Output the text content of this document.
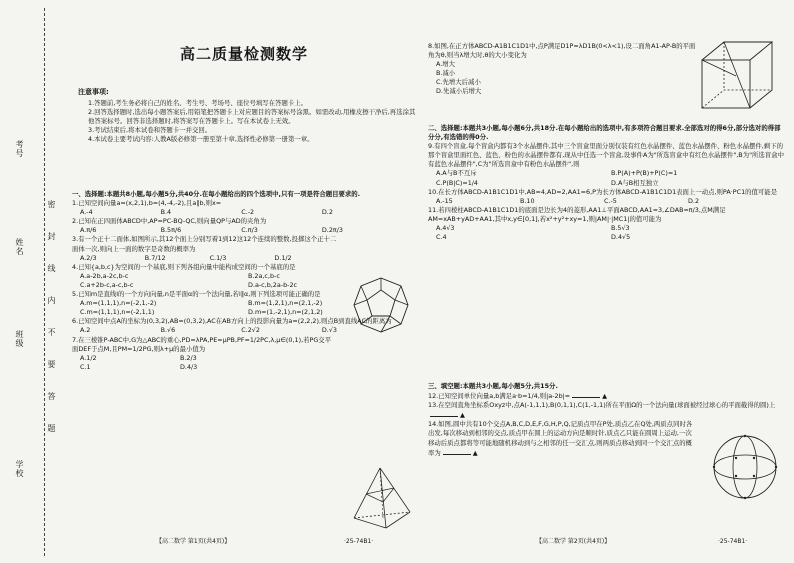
学校
班级
姓名
考号
密
封
线
内
不
要
答
题
高二质量检测数学
注意事项:

1.答题前,考生务必将自己的姓名、考生号、考场号、座位号填写在答题卡上。

2.回答选择题时,选出每小题答案后,用铅笔把答题卡上对应题目的答案标号涂黑。如需改动,用橡皮擦干净后,再选涂其他答案标号。回答非选择题时,将答案写在答题卡上。写在本试卷上无效。

3.考试结束后,将本试卷和答题卡一并交回。

4.本试卷主要考试内容:人教A版必修第一册至第十章,选择性必修第一册第一章。

一、选择题:本题共8小题,每小题5分,共40分.在每小题给出的四个选项中,只有一项是符合题目要求的.
1.已知空间向量a=(x,2,1),b=(4,-4,-2),且a∥b,则x=
A.-4	B.4	C.-2	D.2
2.已知在正四面体ABCD中,AP=PC-BQ-QC,则向量QP与AD的夹角为
A.π/6	B.5π/6	C.π/3	D.2π/3
3.有一个正十二面体,如图所示,其12个面上分别写着1到12这12个连续的整数,投掷这个正十二面体一次,则向上一面的数字是奇数的概率为
A.2/3	B.7/12	C.1/3	D.1/2
4.已知{a,b,c}为空间的一个基底,则下列各组向量中能构成空间的一个基底的是
A.a-2b,a-2c,b-c	B.2a,c,b-c
C.a+2b-c,a-c,b-c	D.a-c,b,2a-b-2c
5.已知m是直线l的一个方向向量,n是平面α的一个法向量,若l∥α,则下列选项可能正确的是
A.m=(1,1,1),n=(-2,1,-2)	B.m=(1,2,1),n=(2,1,-2)
C.m=(1,1,1),n=(-2,1,1)	D.m=(1,-2,1),n=(2,1,2)
6.已知空间中点A的坐标为(0,3,2),AB=(0,3,2),AC在AB方向上的投影向量为a=(2,2,2),则点B到直线AC的距离为
A.2	B.√6	C.2√2	D.√3
7.在三棱锥P-ABC中,G为△ABC的重心,PD=λPA,PE=μPB,PF=1/2PC,λ,μ∈(0,1),若PG交平面DEF于点M,且PM=1/2PG,则λ+μ的最小值为
A.1/2	B.2/3
C.1	D.4/3
【高二数学 第1页(共4页)】	·25-74B1·
8.如图,在正方体ABCD-A1B1C1D1中,点P满足D1P=λD1B(0<λ<1),设二面角A1-AP-B的平面角为θ,则当λ增大时,θ的大小变化为
A.增大
B.减小
C.先增大后减小
D.先减小后增大
二、选择题:本题共3小题,每小题6分,共18分.在每小题给出的选项中,有多项符合题目要求.全部选对的得6分,部分选对的得部分分,有选错的得0分.
9.有四个盲盒,每个盲盒内都有3个水晶摆件,其中三个盲盒里面分别仅装有红色水晶摆件、蓝色水晶摆件、粉色水晶摆件,剩下的那个盲盒里面红色、蓝色、粉色的水晶摆件都有,现从中任选一个盲盒,设事件A为"所选盲盒中有红色水晶摆件",B为"所选盲盒中有蓝色水晶摆件",C为"所选盲盒中有粉色水晶摆件",则
A.A与B不互斥	B.P(A)+P(B)+P(C)=1
C.P(B|C)=1/4	D.A与B相互独立
10.在长方体ABCD-A1B1C1D1中,AB=4,AD=2,AA1=6,P为长方体ABCD-A1B1C1D1表面上一动点,则PA·PC1的值可能是
A.-15	B.10	C.-5	D.2
11.若四棱柱ABCD-A1B1C1D1的底面是边长为4的菱形,AA1⊥平面ABCD,AA1=3,∠DAB=π/3,点M满足AM=xAB+yAD+AA1,其中x,y∈[0,1],若x²+y²+xy=1,则|AM|·|MC1|的值可能为
A.4√3	B.5√3
C.4	D.4√5
三、填空题:本题共3小题,每小题5分,共15分.
12.已知空间单位向量a,b满足a·b=1/4,则|a-2b|=	▲
13.在空间直角坐标系Oxyz中,点A(-1,1,1),B(0,1,1),C(1,-1,1)所在平面Ω的一个法向量(球面被经过球心的平面截得的圆)上▲
14.如图,圆中共有10个交点A,B,C,D,E,F,G,H,P,Q,记质点甲在P处,质点乙在Q处,两质点同时各出发,每次移动到相邻的交点,质点甲在圆上的运动方向是顺时针,质点乙只能在圆周上运动,一次移动后质点都将等可能地随机移动到与之相邻的任一交汇点,则两质点移动到同一个交汇点的概率为	▲
【高二数学 第2页(共4页)】	·25-74B1·
